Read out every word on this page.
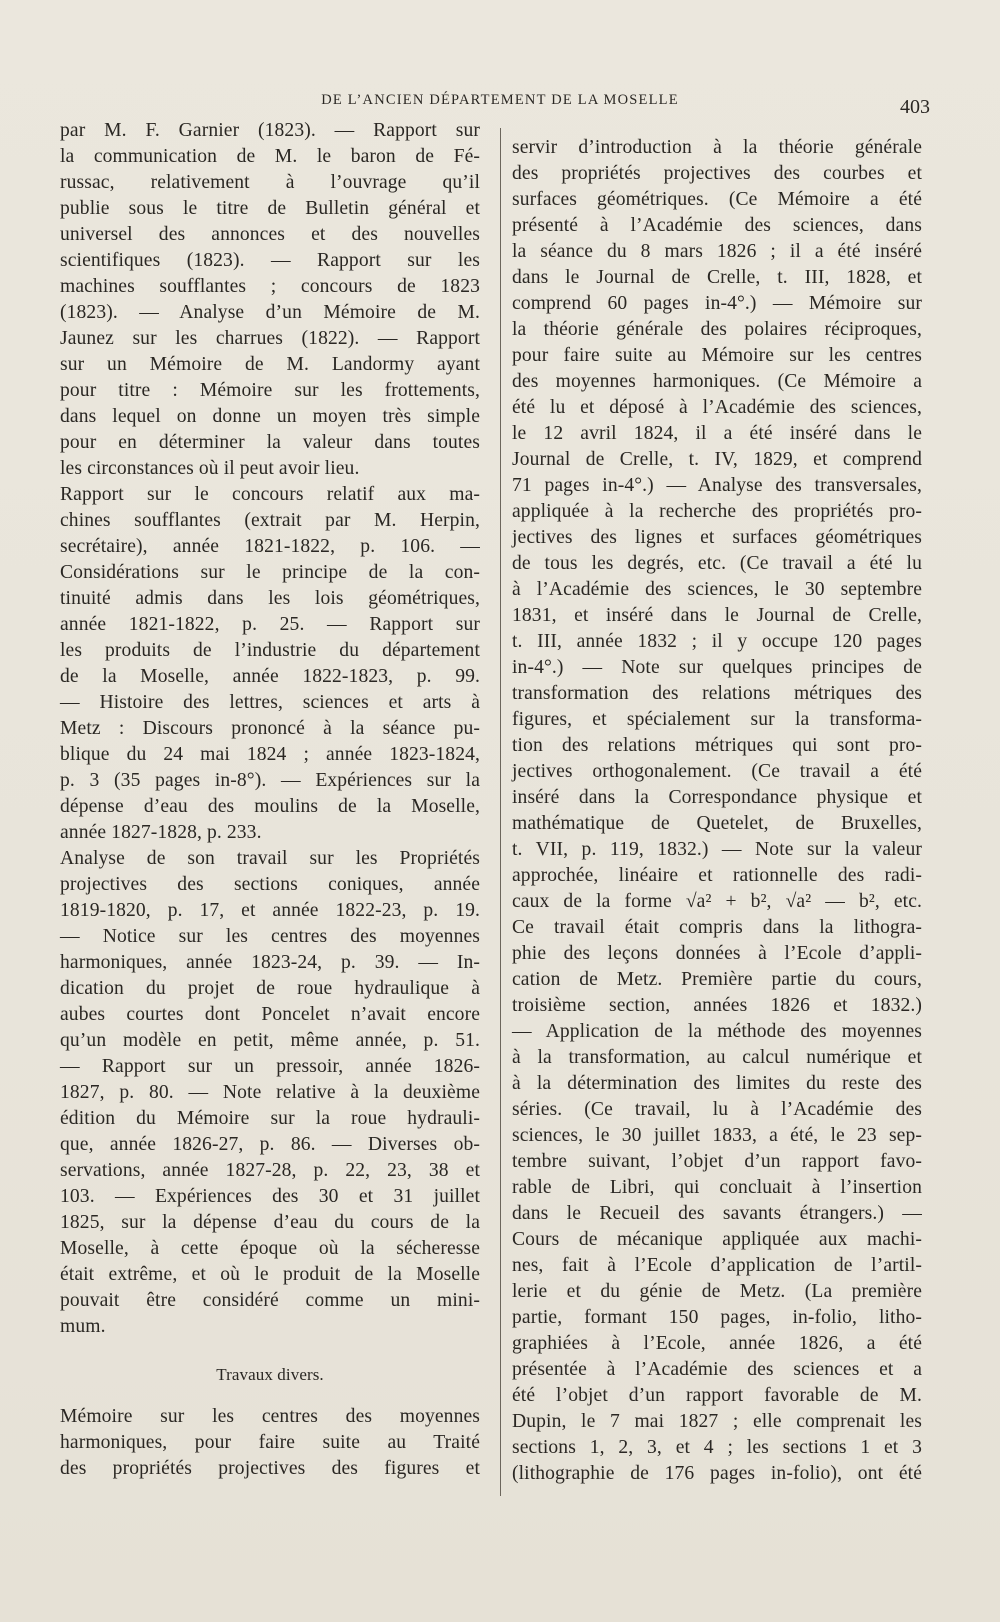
DE L’ANCIEN DÉPARTEMENT DE LA MOSELLE	403
par M. F. Garnier (1823). — Rapport sur
la communication de M. le baron de Fé-
russac, relativement à l’ouvrage qu’il
publie sous le titre de Bulletin général et
universel des annonces et des nouvelles
scientifiques (1823). — Rapport sur les
machines soufflantes ; concours de 1823
(1823). — Analyse d’un Mémoire de M.
Jaunez sur les charrues (1822). — Rapport
sur un Mémoire de M. Landormy ayant
pour titre : Mémoire sur les frottements,
dans lequel on donne un moyen très simple
pour en déterminer la valeur dans toutes
les circonstances où il peut avoir lieu.
Rapport sur le concours relatif aux ma-
chines soufflantes (extrait par M. Herpin,
secrétaire), année 1821-1822, p. 106. —
Considérations sur le principe de la con-
tinuité admis dans les lois géométriques,
année 1821-1822, p. 25. — Rapport sur
les produits de l’industrie du département
de la Moselle, année 1822-1823, p. 99.
— Histoire des lettres, sciences et arts à
Metz : Discours prononcé à la séance pu-
blique du 24 mai 1824 ; année 1823-1824,
p. 3 (35 pages in-8°). — Expériences sur la
dépense d’eau des moulins de la Moselle,
année 1827-1828, p. 233.
Analyse de son travail sur les Propriétés
projectives des sections coniques, année
1819-1820, p. 17, et année 1822-23, p. 19.
— Notice sur les centres des moyennes
harmoniques, année 1823-24, p. 39. — In-
dication du projet de roue hydraulique à
aubes courtes dont Poncelet n’avait encore
qu’un modèle en petit, même année, p. 51.
— Rapport sur un pressoir, année 1826-
1827, p. 80. — Note relative à la deuxième
édition du Mémoire sur la roue hydrauli-
que, année 1826-27, p. 86. — Diverses ob-
servations, année 1827-28, p. 22, 23, 38 et
103. — Expériences des 30 et 31 juillet
1825, sur la dépense d’eau du cours de la
Moselle, à cette époque où la sécheresse
était extrême, et où le produit de la Moselle
pouvait être considéré comme un mini-
mum.
Travaux divers.
Mémoire sur les centres des moyennes
harmoniques, pour faire suite au Traité
des propriétés projectives des figures et
servir d’introduction à la théorie générale
des propriétés projectives des courbes et
surfaces géométriques. (Ce Mémoire a été
présenté à l’Académie des sciences, dans
la séance du 8 mars 1826 ; il a été inséré
dans le Journal de Crelle, t. III, 1828, et
comprend 60 pages in-4°.) — Mémoire sur
la théorie générale des polaires réciproques,
pour faire suite au Mémoire sur les centres
des moyennes harmoniques. (Ce Mémoire a
été lu et déposé à l’Académie des sciences,
le 12 avril 1824, il a été inséré dans le
Journal de Crelle, t. IV, 1829, et comprend
71 pages in-4°.) — Analyse des transversales,
appliquée à la recherche des propriétés pro-
jectives des lignes et surfaces géométriques
de tous les degrés, etc. (Ce travail a été lu
à l’Académie des sciences, le 30 septembre
1831, et inséré dans le Journal de Crelle,
t. III, année 1832 ; il y occupe 120 pages
in-4°.) — Note sur quelques principes de
transformation des relations métriques des
figures, et spécialement sur la transforma-
tion des relations métriques qui sont pro-
jectives orthogonalement. (Ce travail a été
inséré dans la Correspondance physique et
mathématique de Quetelet, de Bruxelles,
t. VII, p. 119, 1832.) — Note sur la valeur
approchée, linéaire et rationnelle des radi-
caux de la forme √a² + b², √a² — b², etc.
Ce travail était compris dans la lithogra-
phie des leçons données à l’Ecole d’appli-
cation de Metz. Première partie du cours,
troisième section, années 1826 et 1832.)
— Application de la méthode des moyennes
à la transformation, au calcul numérique et
à la détermination des limites du reste des
séries. (Ce travail, lu à l’Académie des
sciences, le 30 juillet 1833, a été, le 23 sep-
tembre suivant, l’objet d’un rapport favo-
rable de Libri, qui concluait à l’insertion
dans le Recueil des savants étrangers.) —
Cours de mécanique appliquée aux machi-
nes, fait à l’Ecole d’application de l’artil-
lerie et du génie de Metz. (La première
partie, formant 150 pages, in-folio, litho-
graphiées à l’Ecole, année 1826, a été
présentée à l’Académie des sciences et a
été l’objet d’un rapport favorable de M.
Dupin, le 7 mai 1827 ; elle comprenait les
sections 1, 2, 3, et 4 ; les sections 1 et 3
(lithographie de 176 pages in-folio), ont été
